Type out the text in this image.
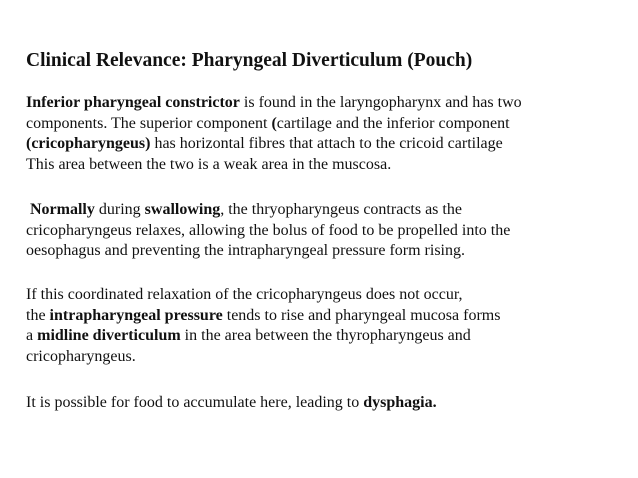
Clinical Relevance: Pharyngeal Diverticulum (Pouch)
Inferior pharyngeal constrictor is found in the laryngopharynx and has two
components. The superior component (cartilage and the inferior component
(cricopharyngeus) has horizontal fibres that attach to the cricoid cartilage
This area between the two is a weak area in the muscosa.
Normally during swallowing, the thryopharyngeus contracts as the
cricopharyngeus relaxes, allowing the bolus of food to be propelled into the
oesophagus and preventing the intrapharyngeal pressure form rising.
If this coordinated relaxation of the cricopharyngeus does not occur,
the intrapharyngeal pressure tends to rise and pharyngeal mucosa forms
a midline diverticulum in the area between the thyropharyngeus and
cricopharyngeus.
It is possible for food to accumulate here, leading to dysphagia.
